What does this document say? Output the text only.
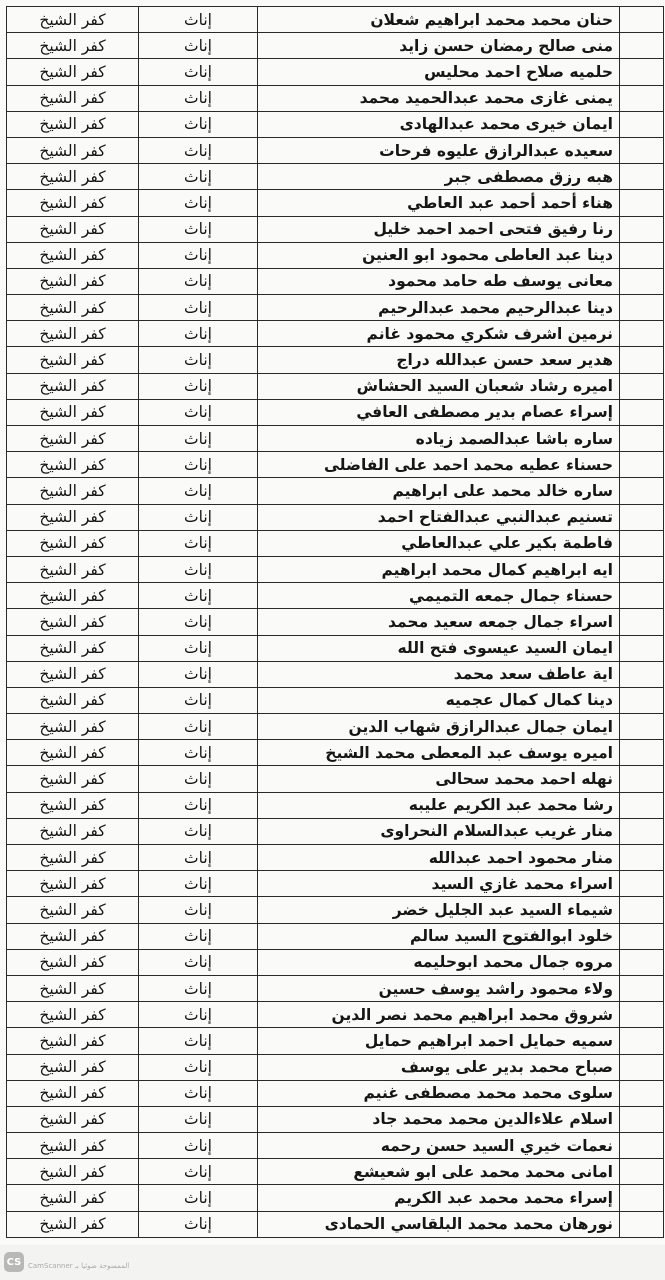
	حنان محمد محمد ابراهيم شعلان	إناث	كفر الشيخ
	منى صالح رمضان حسن زايد	إناث	كفر الشيخ
	حلميه صلاح احمد محليس	إناث	كفر الشيخ
	يمنى غازى محمد عبدالحميد محمد	إناث	كفر الشيخ
	ايمان خيرى محمد عبدالهادى	إناث	كفر الشيخ
	سعيده عبدالرازق عليوه فرحات	إناث	كفر الشيخ
	هبه رزق مصطفى جبر	إناث	كفر الشيخ
	هناء أحمد أحمد عبد العاطي	إناث	كفر الشيخ
	رنا رفيق فتحى احمد احمد خليل	إناث	كفر الشيخ
	دينا عبد العاطى محمود ابو العنين	إناث	كفر الشيخ
	معانى يوسف طه حامد محمود	إناث	كفر الشيخ
	دينا عبدالرحيم محمد عبدالرحيم	إناث	كفر الشيخ
	نرمين اشرف شكري محمود غانم	إناث	كفر الشيخ
	هدير سعد حسن عبدالله دراج	إناث	كفر الشيخ
	اميره رشاد شعبان السيد الحشاش	إناث	كفر الشيخ
	إسراء عصام بدير مصطفى العافي	إناث	كفر الشيخ
	ساره باشا عبدالصمد زياده	إناث	كفر الشيخ
	حسناء عطيه محمد احمد على الفاضلى	إناث	كفر الشيخ
	ساره خالد محمد على ابراهيم	إناث	كفر الشيخ
	تسنيم عبدالنبي عبدالفتاح احمد	إناث	كفر الشيخ
	فاطمة بكير علي عبدالعاطي	إناث	كفر الشيخ
	ايه ابراهيم كمال محمد ابراهيم	إناث	كفر الشيخ
	حسناء جمال جمعه التميمي	إناث	كفر الشيخ
	اسراء جمال جمعه سعيد محمد	إناث	كفر الشيخ
	ايمان السيد عيسوى فتح الله	إناث	كفر الشيخ
	اية عاطف سعد محمد	إناث	كفر الشيخ
	دينا كمال كمال عجميه	إناث	كفر الشيخ
	ايمان جمال عبدالرازق شهاب الدين	إناث	كفر الشيخ
	اميره يوسف عبد المعطى محمد الشيخ	إناث	كفر الشيخ
	نهله احمد محمد سحالى	إناث	كفر الشيخ
	رشا محمد عبد الكريم عليبه	إناث	كفر الشيخ
	منار غريب عبدالسلام النحراوى	إناث	كفر الشيخ
	منار محمود احمد عبدالله	إناث	كفر الشيخ
	اسراء محمد غازي السيد	إناث	كفر الشيخ
	شيماء السيد عبد الجليل خضر	إناث	كفر الشيخ
	خلود ابوالفتوح السيد سالم	إناث	كفر الشيخ
	مروه جمال محمد ابوحليمه	إناث	كفر الشيخ
	ولاء محمود راشد يوسف حسين	إناث	كفر الشيخ
	شروق محمد ابراهيم محمد نصر الدين	إناث	كفر الشيخ
	سميه حمايل احمد ابراهيم حمايل	إناث	كفر الشيخ
	صباح محمد بدير على يوسف	إناث	كفر الشيخ
	سلوى محمد محمد مصطفى غنيم	إناث	كفر الشيخ
	اسلام علاءالدين محمد محمد جاد	إناث	كفر الشيخ
	نعمات خيري السيد حسن رحمه	إناث	كفر الشيخ
	امانى محمد محمد على ابو شعيشع	إناث	كفر الشيخ
	إسراء محمد محمد عبد الكريم	إناث	كفر الشيخ
	نورهان محمد محمد البلقاسي الحمادى	إناث	كفر الشيخ
CS CamScanner الممسوحة ضوئيا بـ
